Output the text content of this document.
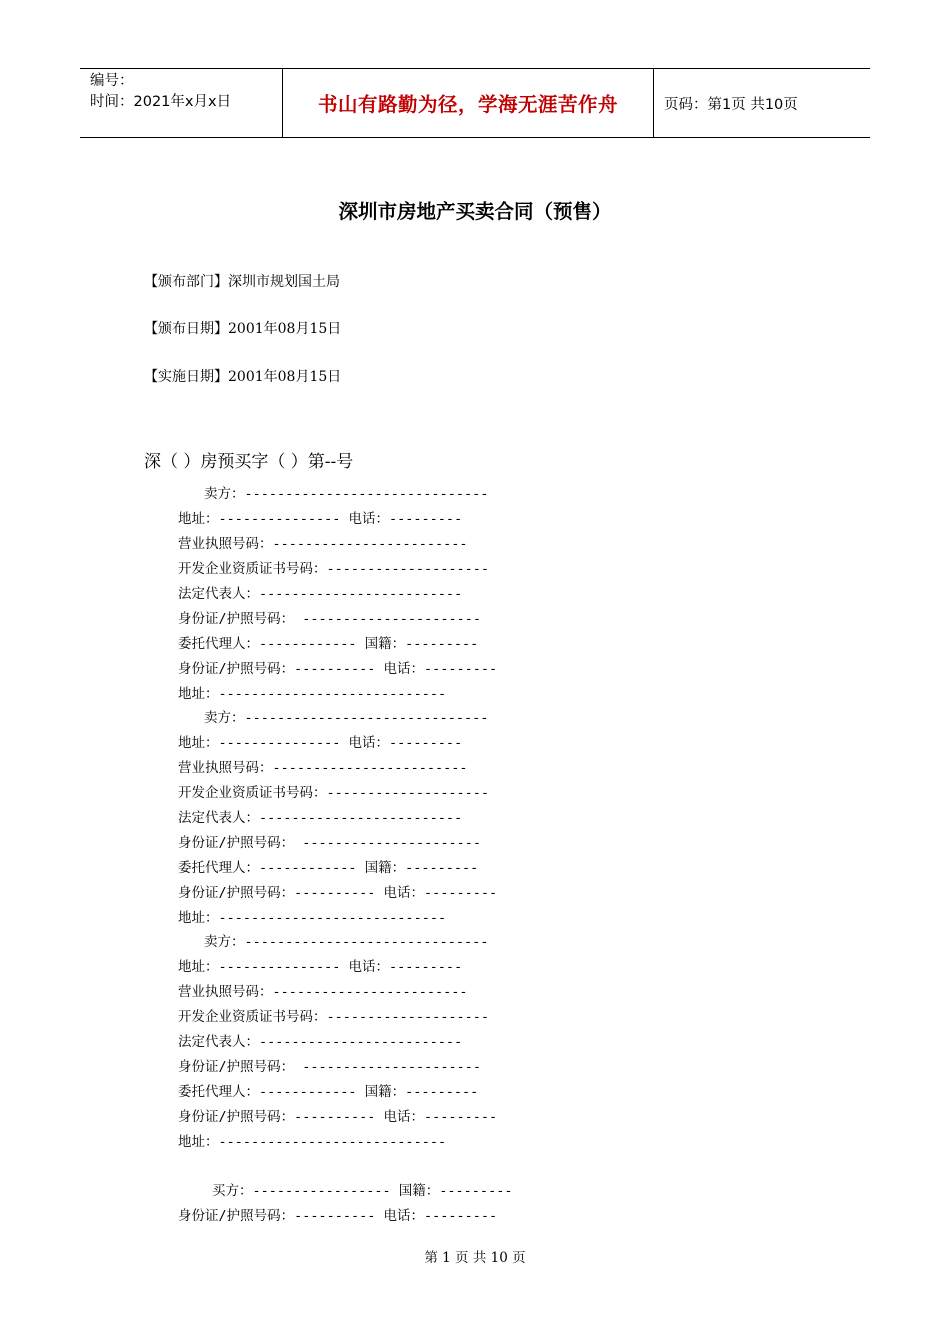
编号：
时间：2021年x月x日	书山有路勤为径，学海无涯苦作舟	页码：第1页 共10页
深圳市房地产买卖合同（预售）
【颁布部门】深圳市规划国土局
【颁布日期】2001年08月15日
【实施日期】2001年08月15日
深（ ）房预买字（ ）第--号
卖方：------------------------------
地址：--------------- 电话：---------
营业执照号码：------------------------
开发企业资质证书号码：--------------------
法定代表人：-------------------------
身份证/护照号码： ----------------------
委托代理人：------------ 国籍：---------
身份证/护照号码：---------- 电话：---------
地址：----------------------------
卖方：------------------------------
地址：--------------- 电话：---------
营业执照号码：------------------------
开发企业资质证书号码：--------------------
法定代表人：-------------------------
身份证/护照号码： ----------------------
委托代理人：------------ 国籍：---------
身份证/护照号码：---------- 电话：---------
地址：----------------------------
卖方：------------------------------
地址：--------------- 电话：---------
营业执照号码：------------------------
开发企业资质证书号码：--------------------
法定代表人：-------------------------
身份证/护照号码： ----------------------
委托代理人：------------ 国籍：---------
身份证/护照号码：---------- 电话：---------
地址：----------------------------
买方：----------------- 国籍：---------
身份证/护照号码：---------- 电话：---------
第 1 页 共 10 页
